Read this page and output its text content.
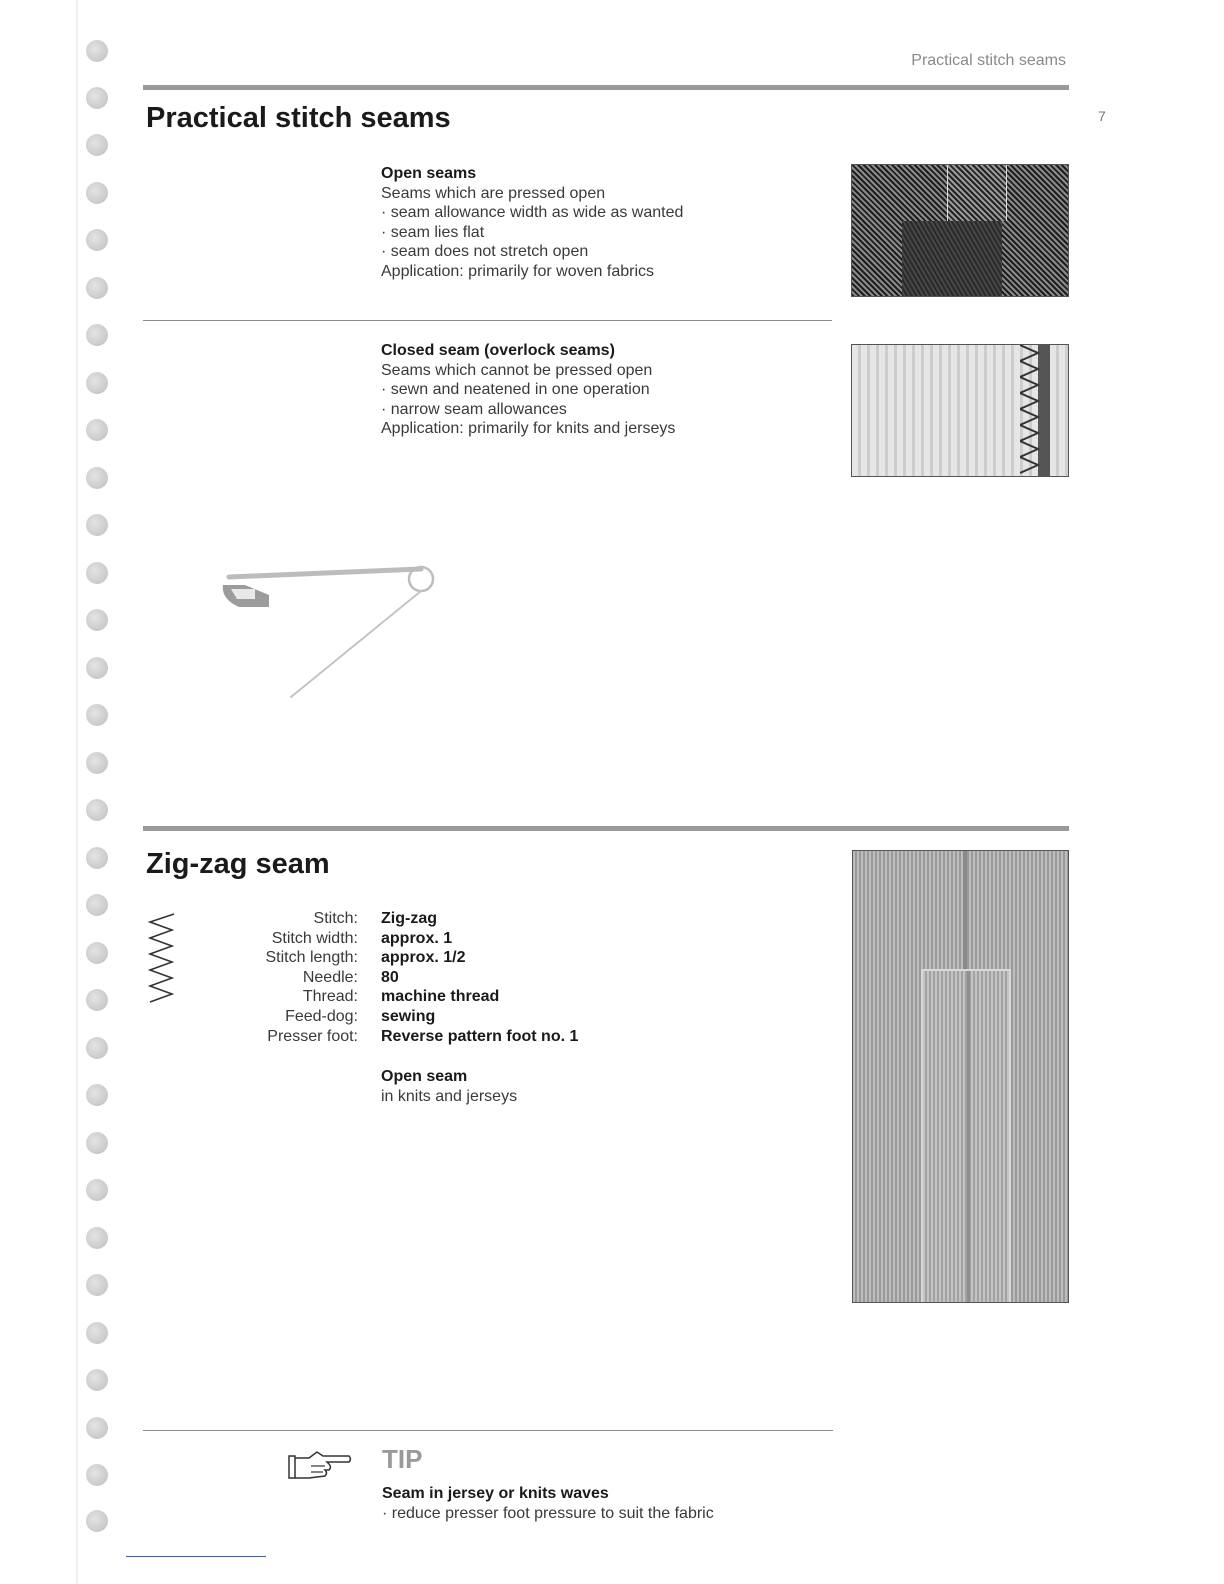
Practical stitch seams
7
Practical stitch seams
Open seams
Seams which are pressed open
· seam allowance width as wide as wanted
· seam lies flat
· seam does not stretch open
Application: primarily for woven fabrics
Closed seam (overlock seams)
Seams which cannot be pressed open
· sewn and neatened in one operation
· narrow seam allowances
Application: primarily for knits and jerseys
Zig-zag seam
Stitch:
Stitch width:
Stitch length:
Needle:
Thread:
Feed-dog:
Presser foot:
Zig-zag
approx. 1
approx. 1/2
80
machine thread
sewing
Reverse pattern foot no. 1
Open seam
in knits and jerseys
TIP
Seam in jersey or knits waves
· reduce presser foot pressure to suit the fabric
